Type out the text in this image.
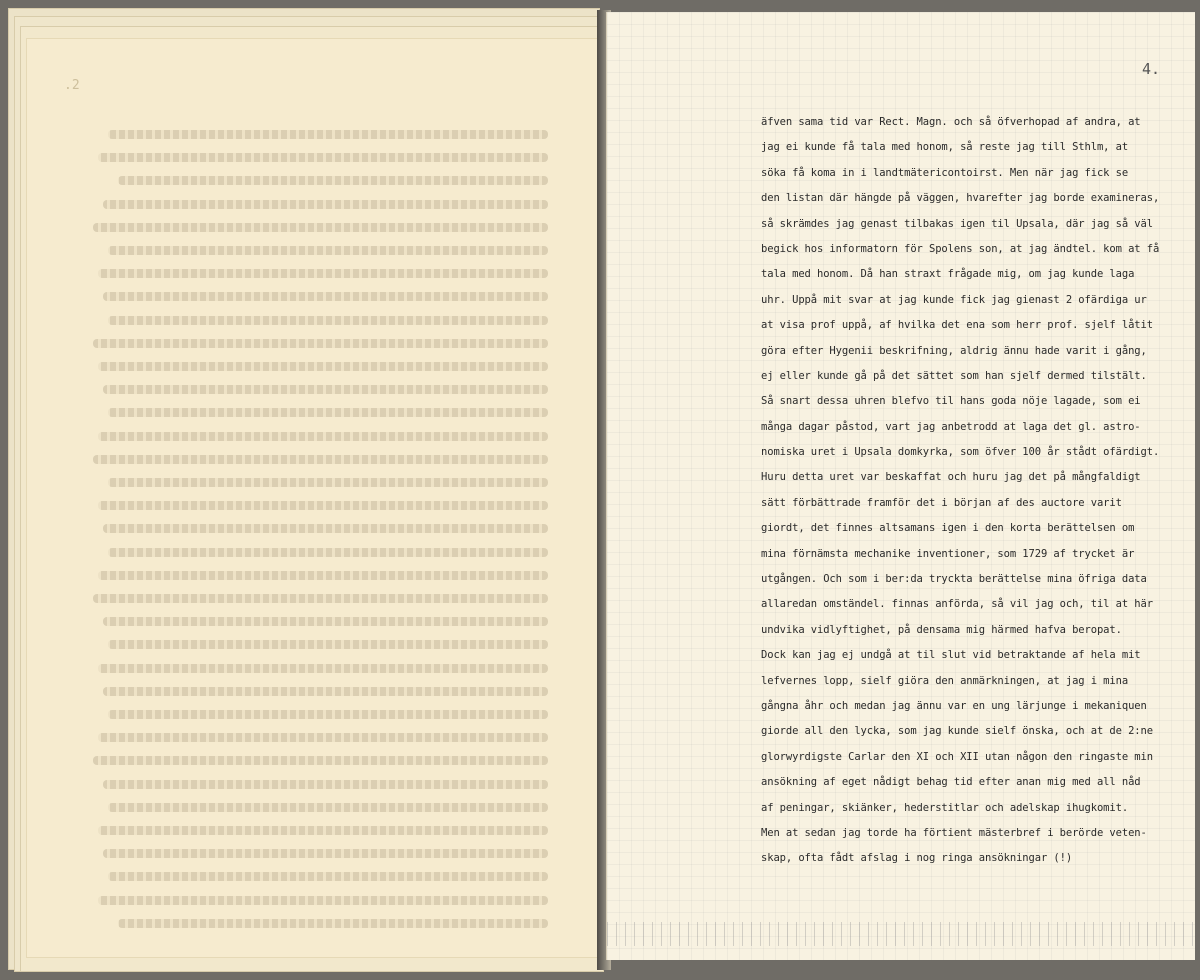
.2
4.
äfven sama tid var Rect. Magn. och så öfverhopad af andra, at
jag ei kunde få tala med honom, så reste jag till Sthlm, at
söka få koma in i landtmätericontoirst. Men när jag fick se
den listan där hängde på väggen, hvarefter jag borde examineras,
så skrämdes jag genast tilbakas igen til Upsala, där jag så väl
begick hos informatorn för Spolens son, at jag ändtel. kom at få
tala med honom. Då han straxt frågade mig, om jag kunde laga
uhr. Uppå mit svar at jag kunde fick jag gienast 2 ofärdiga ur
at visa prof uppå, af hvilka det ena som herr prof. sjelf låtit
göra efter Hygenii beskrifning, aldrig ännu hade varit i gång,
ej eller kunde gå på det sättet som han sjelf dermed tilstält.
Så snart dessa uhren blefvo til hans goda nöje lagade, som ei
många dagar påstod, vart jag anbetrodd at laga det gl. astro-
nomiska uret i Upsala domkyrka, som öfver 100 år stådt ofärdigt.
Huru detta uret var beskaffat och huru jag det på mångfaldigt
sätt förbättrade framför det i början af des auctore varit
giordt, det finnes altsamans igen i den korta berättelsen om
mina förnämsta mechanike inventioner, som 1729 af trycket är
utgången. Och som i ber:da tryckta berättelse mina öfriga data
allaredan omständel. finnas anförda, så vil jag och, til at här
undvika vidlyftighet, på densama mig härmed hafva beropat.
Dock kan jag ej undgå at til slut vid betraktande af hela mit
lefvernes lopp, sielf giöra den anmärkningen, at jag i mina
gångna åhr och medan jag ännu var en ung lärjunge i mekaniquen
giorde all den lycka, som jag kunde sielf önska, och at de 2:ne
glorwyrdigste Carlar den XI och XII utan någon den ringaste min
ansökning af eget nådigt behag tid efter anan mig med all nåd
af peningar, skiänker, hederstitlar och adelskap ihugkomit.
Men at sedan jag torde ha förtient mästerbref i berörde veten-
skap, ofta fådt afslag i nog ringa ansökningar (!)
